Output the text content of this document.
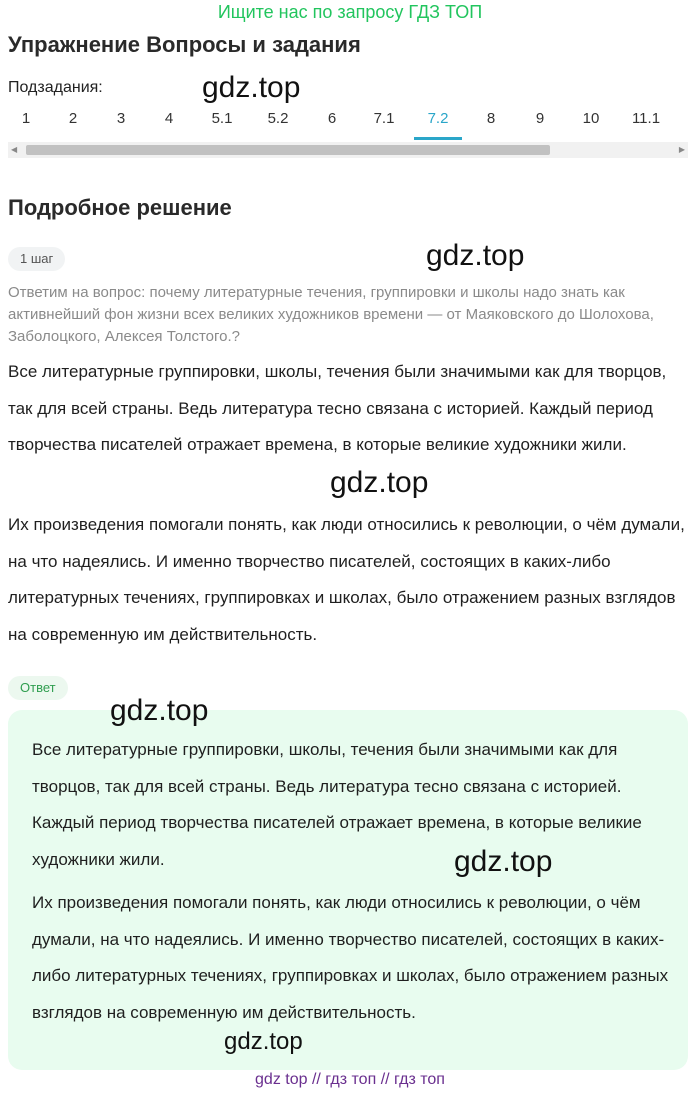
Ищите нас по запросу ГДЗ ТОП
Упражнение Вопросы и задания
Подзадания:	gdz.top
1	2	3	4	5.1 5.2	6 7.1 7.2	8	9	10 11.1
◀	▶
Подробное решение
1 шаг	gdz.top
Ответим на вопрос: почему литературные течения, группировки и школы надо знать как активнейший фон жизни всех великих художников времени — от Маяковского до Шолохова, Заболоцкого, Алексея Толстого.?
Все литературные группировки, школы, течения были значимыми как для творцов, так для всей страны. Ведь литература тесно связана с историей. Каждый период творчества писателей отражает времена, в которые великие художники жили.
gdz.top
Их произведения помогали понять, как люди относились к революции, о чём думали, на что надеялись. И именно творчество писателей, состоящих в каких-либо литературных течениях, группировках и школах, было отражением разных взглядов на современную им действительность.
Ответ
gdz.top
Все литературные группировки, школы, течения были значимыми как для творцов, так для всей страны. Ведь литература тесно связана с историей. Каждый период творчества писателей отражает времена, в которые великие художники жили.	gdz.top
Их произведения помогали понять, как люди относились к революции, о чём думали, на что надеялись. И именно творчество писателей, состоящих в каких-либо литературных течениях, группировках и школах, было отражением разных взглядов на современную им действительность.
gdz.top
gdz top // гдз топ // гдз топ
